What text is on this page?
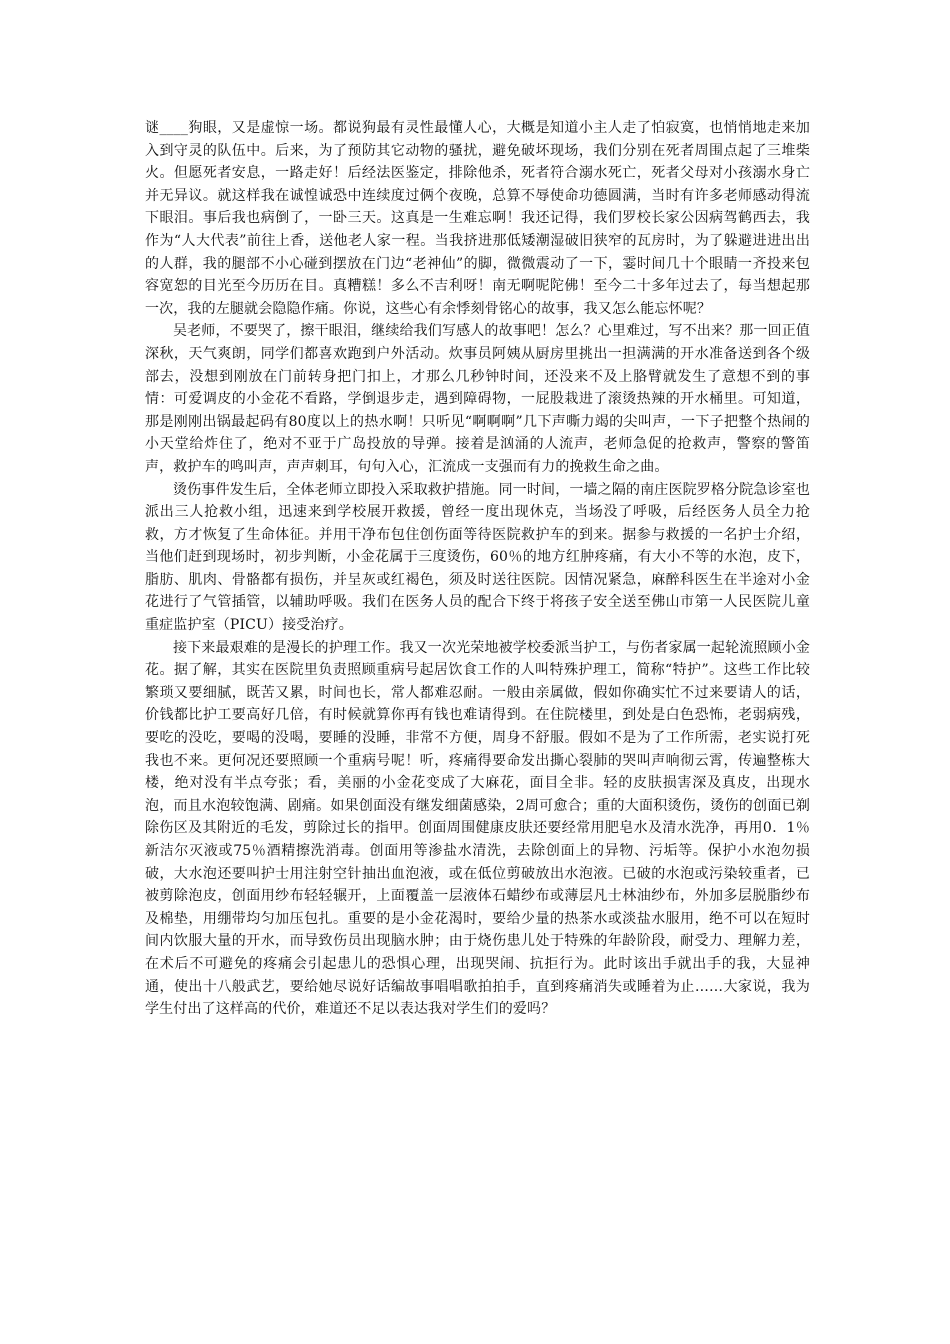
谜____狗眼，又是虚惊一场。都说狗最有灵性最懂人心，大概是知道小主人走了怕寂寞，也悄悄地走来加入到守灵的队伍中。后来，为了预防其它动物的骚扰，避免破坏现场，我们分别在死者周围点起了三堆柴火。但愿死者安息，一路走好！后经法医鉴定，排除他杀，死者符合溺水死亡，死者父母对小孩溺水身亡并无异议。就这样我在诚惶诚恐中连续度过俩个夜晚，总算不辱使命功德圆满，当时有许多老师感动得流下眼泪。事后我也病倒了，一卧三天。这真是一生难忘啊！我还记得，我们罗校长家公因病驾鹤西去，我作为“人大代表”前往上香，送他老人家一程。当我挤进那低矮潮湿破旧狭窄的瓦房时，为了躲避进进出出的人群，我的腿部不小心碰到摆放在门边“老神仙”的脚，微微震动了一下，霎时间几十个眼睛一齐投来包容宽恕的目光至今历历在目。真糟糕！多么不吉利呀！南无啊呢陀佛！至今二十多年过去了，每当想起那一次，我的左腿就会隐隐作痛。你说，这些心有余悸刻骨铭心的故事，我又怎么能忘怀呢？

吴老师，不要哭了，擦干眼泪，继续给我们写感人的故事吧！怎么？心里难过，写不出来？那一回正值深秋，天气爽朗，同学们都喜欢跑到户外活动。炊事员阿姨从厨房里挑出一担满满的开水准备送到各个级部去，没想到刚放在门前转身把门扣上，才那么几秒钟时间，还没来不及上胳臂就发生了意想不到的事情：可爱调皮的小金花不看路，学倒退步走，遇到障碍物，一屁股栽进了滚烫热辣的开水桶里。可知道，那是刚刚出锅最起码有80度以上的热水啊！只听见“啊啊啊”几下声嘶力竭的尖叫声，一下子把整个热闹的小天堂给炸住了，绝对不亚于广岛投放的导弹。接着是汹涌的人流声，老师急促的抢救声，警察的警笛声，救护车的鸣叫声，声声刺耳，句句入心，汇流成一支强而有力的挽救生命之曲。

烫伤事件发生后，全体老师立即投入采取救护措施。同一时间，一墙之隔的南庄医院罗格分院急诊室也派出三人抢救小组，迅速来到学校展开救援，曾经一度出现休克，当场没了呼吸，后经医务人员全力抢救，方才恢复了生命体征。并用干净布包住创伤面等待医院救护车的到来。据参与救援的一名护士介绍，当他们赶到现场时，初步判断，小金花属于三度烫伤，60％的地方红肿疼痛，有大小不等的水泡，皮下，脂肪、肌肉、骨骼都有损伤，并呈灰或红褐色，须及时送往医院。因情况紧急，麻醉科医生在半途对小金花进行了气管插管，以辅助呼吸。我们在医务人员的配合下终于将孩子安全送至佛山市第一人民医院儿童重症监护室（PICU）接受治疗。

接下来最艰难的是漫长的护理工作。我又一次光荣地被学校委派当护工，与伤者家属一起轮流照顾小金花。据了解，其实在医院里负责照顾重病号起居饮食工作的人叫特殊护理工，简称“特护”。这些工作比较繁琐又要细腻，既苦又累，时间也长，常人都难忍耐。一般由亲属做，假如你确实忙不过来要请人的话，价钱都比护工要高好几倍，有时候就算你再有钱也难请得到。在住院楼里，到处是白色恐怖，老弱病残，要吃的没吃，要喝的没喝，要睡的没睡，非常不方便，周身不舒服。假如不是为了工作所需，老实说打死我也不来。更何况还要照顾一个重病号呢！听，疼痛得要命发出撕心裂肺的哭叫声响彻云霄，传遍整栋大楼，绝对没有半点夸张；看，美丽的小金花变成了大麻花，面目全非。轻的皮肤损害深及真皮，出现水泡，而且水泡较饱满、剧痛。如果创面没有继发细菌感染，2周可愈合；重的大面积烫伤，烫伤的创面已剃除伤区及其附近的毛发，剪除过长的指甲。创面周围健康皮肤还要经常用肥皂水及清水洗净，再用0．1％新洁尔灭液或75％酒精擦洗消毒。创面用等渗盐水清洗，去除创面上的异物、污垢等。保护小水泡勿损破，大水泡还要叫护士用注射空针抽出血泡液，或在低位剪破放出水泡液。已破的水泡或污染较重者，已被剪除泡皮，创面用纱布轻轻辗开，上面覆盖一层液体石蜡纱布或薄层凡士林油纱布，外加多层脱脂纱布及棉垫，用绷带均匀加压包扎。重要的是小金花渴时，要给少量的热茶水或淡盐水服用，绝不可以在短时间内饮服大量的开水，而导致伤员出现脑水肿；由于烧伤患儿处于特殊的年龄阶段，耐受力、理解力差，在术后不可避免的疼痛会引起患儿的恐惧心理，出现哭闹、抗拒行为。此时该出手就出手的我，大显神通，使出十八般武艺，要给她尽说好话编故事唱唱歌拍拍手，直到疼痛消失或睡着为止……大家说，我为学生付出了这样高的代价，难道还不足以表达我对学生们的爱吗？
